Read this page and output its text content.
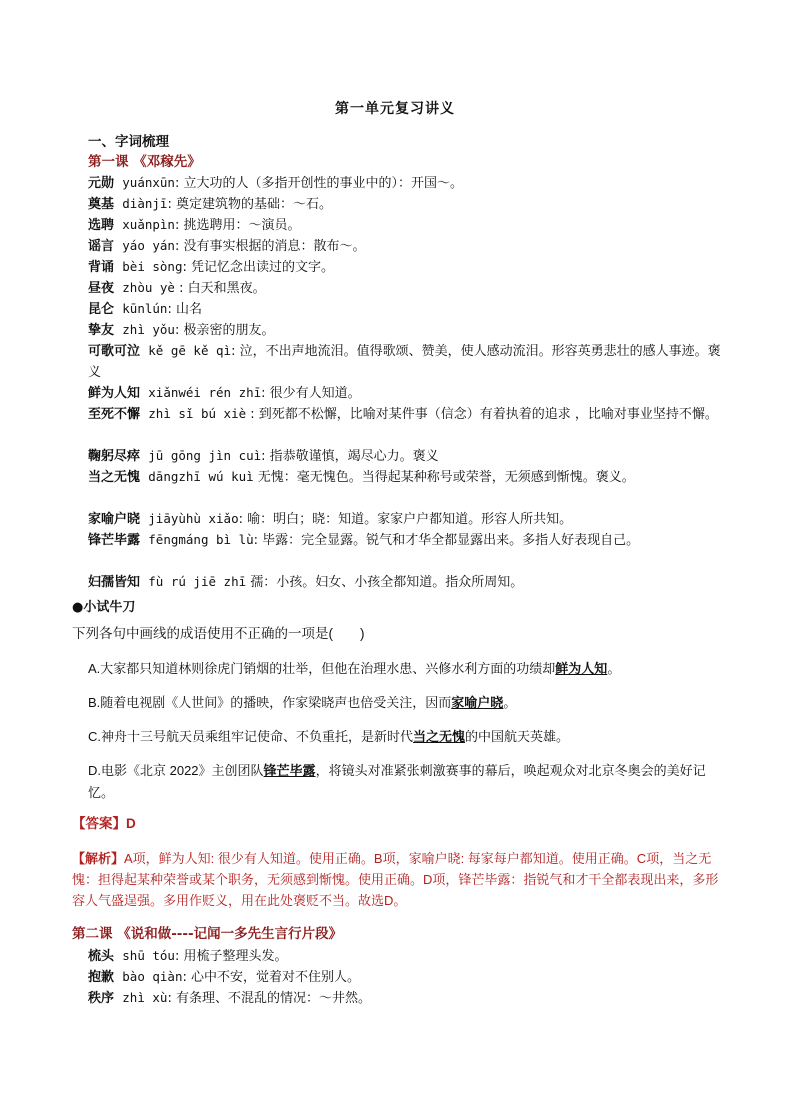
第一单元复习讲义
一、字词梳理
第一课 《邓稼先》
元勋 yuánxūn: 立大功的人（多指开创性的事业中的）：开国～。
奠基 diànjī: 奠定建筑物的基础：～石。
选聘 xuǎnpìn: 挑选聘用：～演员。
谣言 yáo yán: 没有事实根据的消息：散布～。
背诵 bèi sòng: 凭记忆念出读过的文字。
昼夜 zhòu yè : 白天和黑夜。
昆仑 kūnlún: 山名
挚友 zhì yǒu: 极亲密的朋友。
可歌可泣 kě gē kě qì: 泣，不出声地流泪。值得歌颂、赞美，使人感动流泪。形容英勇悲壮的感人事迹。褒义
鲜为人知 xiǎnwéi rén zhī: 很少有人知道。
至死不懈 zhì sǐ bú xiè : 到死都不松懈，比喻对某件事（信念）有着执着的追求 ，比喻对事业坚持不懈。
鞠躬尽瘁 jū gōng jìn cuì: 指恭敬谨慎，竭尽心力。褒义
当之无愧 dāngzhī wú kuì 无愧：毫无愧色。当得起某种称号或荣誉，无须感到惭愧。褒义。
家喻户晓 jiāyùhù xiǎo: 喻：明白；晓：知道。家家户户都知道。形容人所共知。
锋芒毕露 fēngmáng bì lù: 毕露：完全显露。锐气和才华全都显露出来。多指人好表现自己。
妇孺皆知 fù rú jiē zhī 孺：小孩。妇女、小孩全都知道。指众所周知。
●小试牛刀
下列各句中画线的成语使用不正确的一项是(　　)
A.大家都只知道林则徐虎门销烟的壮举，但他在治理水患、兴修水利方面的功绩却鲜为人知。
B.随着电视剧《人世间》的播映，作家梁晓声也倍受关注，因而家喻户晓。
C.神舟十三号航天员乘组牢记使命、不负重托，是新时代当之无愧的中国航天英雄。
D.电影《北京 2022》主创团队锋芒毕露，将镜头对准紧张刺激赛事的幕后，唤起观众对北京冬奥会的美好记忆。
【答案】D
【解析】A项，鲜为人知: 很少有人知道。使用正确。B项，家喻户晓: 每家每户都知道。使用正确。C项，当之无愧：担得起某种荣誉或某个职务，无须感到惭愧。使用正确。D项，锋芒毕露：指锐气和才干全都表现出来，多形容人气盛逞强。多用作贬义，用在此处褒贬不当。故选D。
第二课 《说和做----记闻一多先生言行片段》
梳头 shū tóu: 用梳子整理头发。
抱歉 bào qiàn: 心中不安，觉着对不住别人。
秩序 zhì xù: 有条理、不混乱的情况：～井然。
